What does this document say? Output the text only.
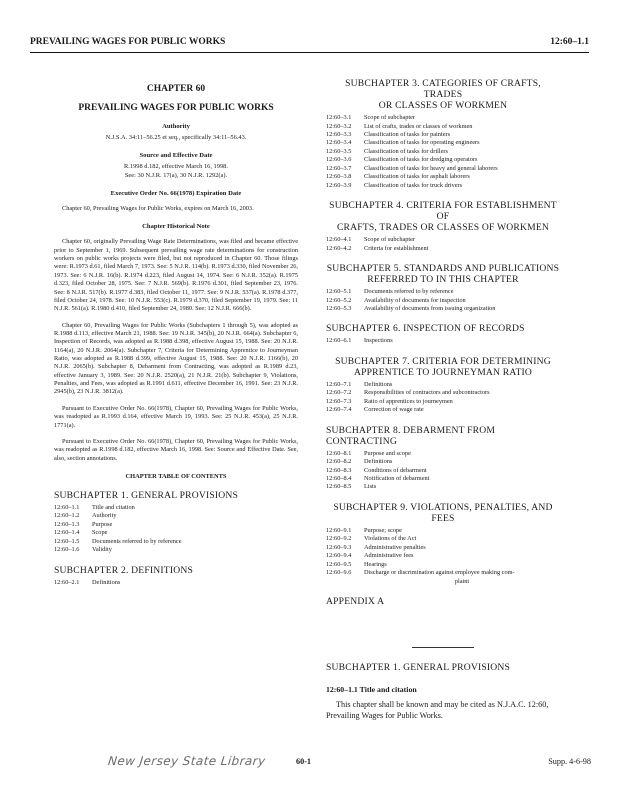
PREVAILING WAGES FOR PUBLIC WORKS	12:60–1.1
CHAPTER 60
PREVAILING WAGES FOR PUBLIC WORKS
Authority
N.J.S.A. 34:11–56.25 et seq., specifically 34:11–56.43.
Source and Effective Date
R.1998 d.182, effective March 16, 1998.
See: 30 N.J.R. 17(a), 30 N.J.R. 1292(a).
Executive Order No. 66(1978) Expiration Date
Chapter 60, Prevailing Wages for Public Works, expires on March 16, 2003.
Chapter Historical Note
Chapter 60, originally Prevailing Wage Rate Determinations, was filed and became effective prior to September 1, 1969. Subsequent prevailing wage rate determinations for construction workers on public works projects were filed, but not reproduced in Chapter 60. Those filings were: R.1973 d.61, filed March 7, 1973. See: 5 N.J.R. 114(b). R.1973 d.330, filed November 26, 1973. See: 6 N.J.R. 16(b). R.1974 d.223, filed August 14, 1974. See: 6 N.J.R. 352(a). R.1975 d.323, filed October 28, 1975. See: 7 N.J.R. 569(b). R.1976 d.301, filed September 23, 1976. See: 8 N.J.R. 517(b). R.1977 d.383, filed October 11, 1977. See: 9 N.J.R. 537(a). R.1978 d.377, filed October 24, 1978. See: 10 N.J.R. 553(c). R.1979 d.370, filed September 19, 1979. See: 11 N.J.R. 561(a). R.1980 d.410, filed September 24, 1980. See: 12 N.J.R. 666(b).
Chapter 60, Prevailing Wages for Public Works (Subchapters 1 through 5), was adopted as R.1988 d.113, effective March 21, 1988. See: 19 N.J.R. 345(b), 20 N.J.R. 664(a). Subchapter 6, Inspection of Records, was adopted as R.1988 d.398, effective August 15, 1988. See: 20 N.J.R. 1164(a), 20 N.J.R. 2064(a). Subchapter 7, Criteria for Determining Apprentice to Journeyman Ratio, was adopted as R.1988 d.399, effective August 15, 1988. See: 20 N.J.R. 1166(b), 20 N.J.R. 2065(b). Subchapter 8, Debarment from Contracting, was adopted as R.1989 d.23, effective January 3, 1989. See: 20 N.J.R. 2520(a), 21 N.J.R. 21(b). Subchapter 9, Violations, Penalties, and Fees, was adopted as R.1991 d.611, effective December 16, 1991. See: 23 N.J.R. 2945(b), 23 N.J.R. 3812(a).
Pursuant to Executive Order No. 66(1978), Chapter 60, Prevailing Wages for Public Works, was readopted as R.1993 d.164, effective March 19, 1993. See: 25 N.J.R. 453(a), 25 N.J.R. 1771(a).
Pursuant to Executive Order No. 66(1978), Chapter 60, Prevailing Wages for Public Works, was readopted as R.1998 d.182, effective March 16, 1998. See: Source and Effective Date. See, also, section annotations.
CHAPTER TABLE OF CONTENTS
SUBCHAPTER 1. GENERAL PROVISIONS
12:60–1.1	Title and citation
12:60–1.2	Authority
12:60–1.3	Purpose
12:60–1.4	Scope
12:60–1.5	Documents referred to by reference
12:60–1.6	Validity
SUBCHAPTER 2. DEFINITIONS
12:60–2.1	Definitions
SUBCHAPTER 3. CATEGORIES OF CRAFTS, TRADES
OR CLASSES OF WORKMEN
12:60–3.1	Scope of subchapter
12:60–3.2	List of crafts, trades or classes of workmen
12:60–3.3	Classification of tasks for painters
12:60–3.4	Classification of tasks for operating engineers
12:60–3.5	Classification of tasks for drillers
12:60–3.6	Classification of tasks for dredging operators
12:60–3.7	Classification of tasks for heavy and general laborers
12:60–3.8	Classification of tasks for asphalt laborers
12:60–3.9	Classification of tasks for truck drivers
SUBCHAPTER 4. CRITERIA FOR ESTABLISHMENT OF
CRAFTS, TRADES OR CLASSES OF WORKMEN
12:60–4.1	Scope of subchapter
12:60–4.2	Criteria for establishment
SUBCHAPTER 5. STANDARDS AND PUBLICATIONS
REFERRED TO IN THIS CHAPTER
12:60–5.1	Documents referred to by reference
12:60–5.2	Availability of documents for inspection
12:60–5.3	Availability of documents from issuing organization
SUBCHAPTER 6. INSPECTION OF RECORDS
12:60–6.1	Inspections
SUBCHAPTER 7. CRITERIA FOR DETERMINING
APPRENTICE TO JOURNEYMAN RATIO
12:60–7.1	Definitions
12:60–7.2	Responsibilities of contractors and subcontractors
12:60–7.3	Ratio of apprentices to journeymen
12:60–7.4	Correction of wage rate
SUBCHAPTER 8. DEBARMENT FROM CONTRACTING
12:60–8.1	Purpose and scope
12:60–8.2	Definitions
12:60–8.3	Conditions of debarment
12:60–8.4	Notification of debarment
12:60–8.5	Lists
SUBCHAPTER 9. VIOLATIONS, PENALTIES, AND
FEES
12:60–9.1	Purpose; scope
12:60–9.2	Violations of the Act
12:60–9.3	Administrative penalties
12:60–9.4	Administrative fees
12:60–9.5	Hearings
12:60–9.6	Discharge or discrimination against employee making com-
plaint
APPENDIX A
SUBCHAPTER 1. GENERAL PROVISIONS
12:60–1.1 Title and citation
This chapter shall be known and may be cited as N.J.A.C. 12:60, Prevailing Wages for Public Works.
New Jersey State Library	60-1	Supp. 4-6-98
